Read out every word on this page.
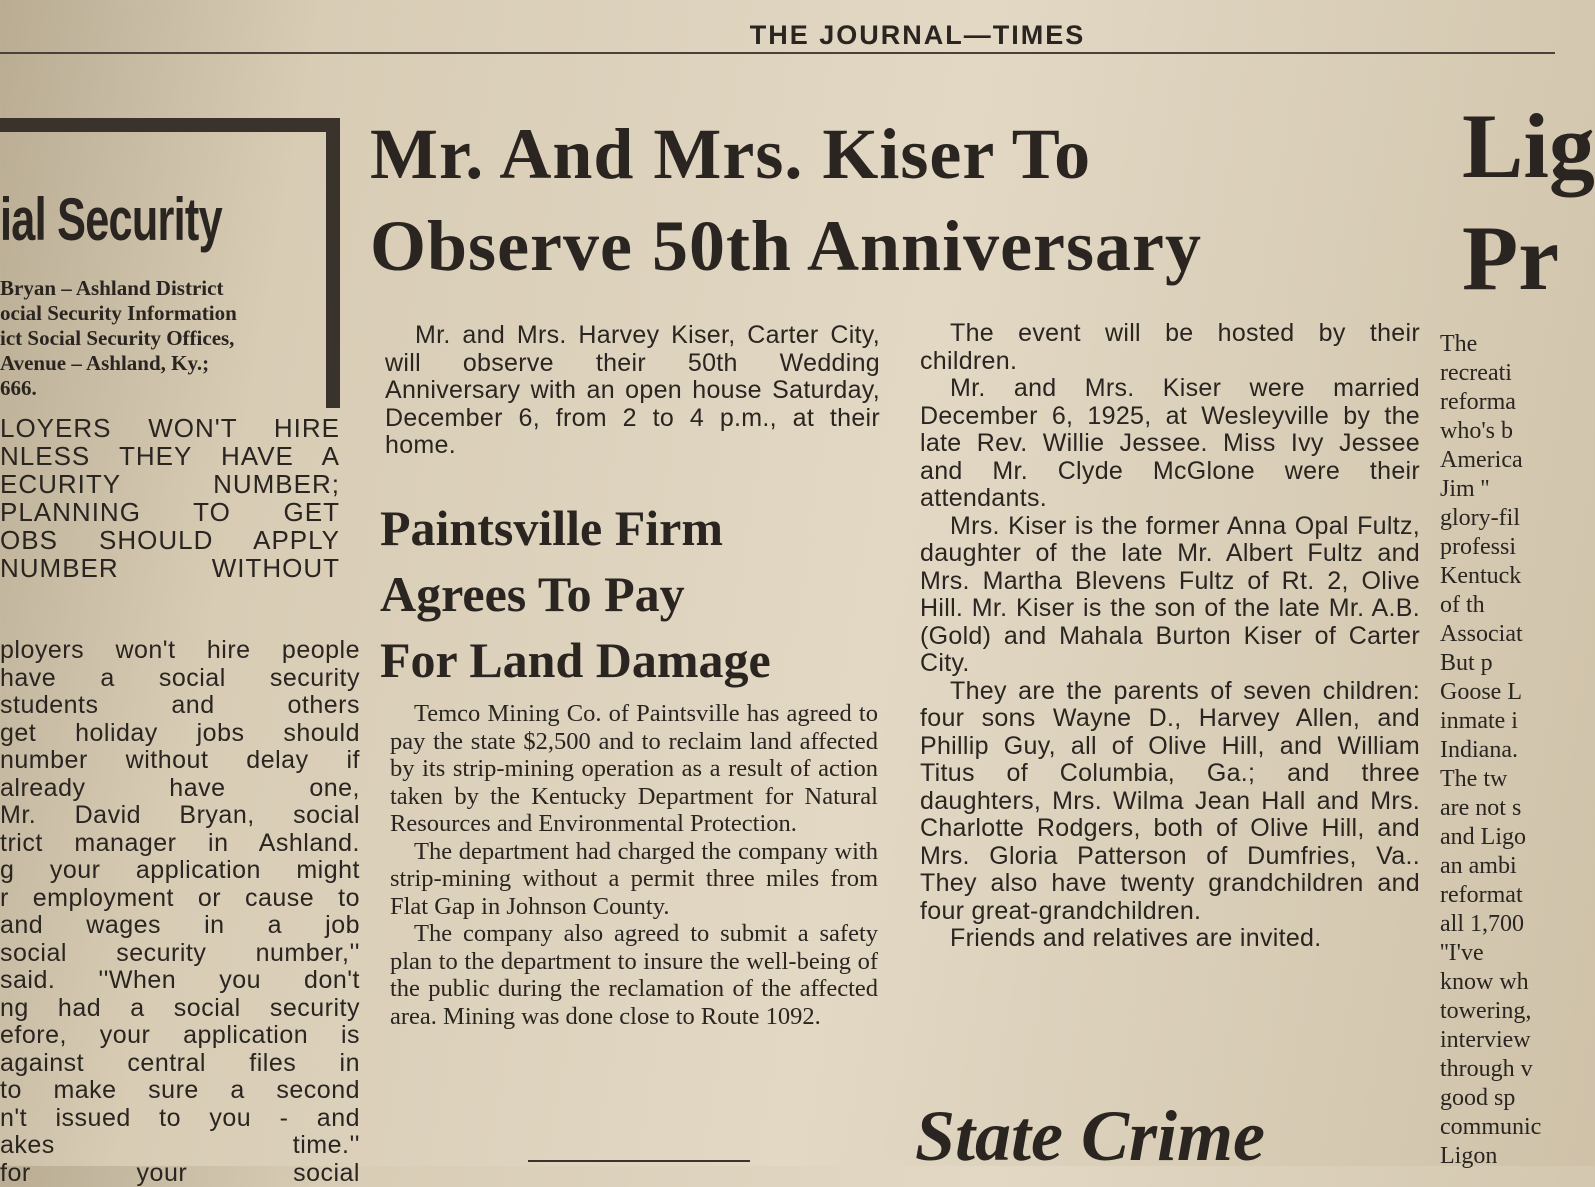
THE JOURNAL—TIMES
ial Security
Bryan – Ashland District
ocial Security Information
ict Social Security Offices,
Avenue – Ashland, Ky.;
666.
LOYERS WON'T HIRE
NLESS THEY HAVE A
ECURITY NUMBER;
PLANNING TO GET
OBS SHOULD APPLY
NUMBER WITHOUT
ployers won't hire people
have a social security
students and others
get holiday jobs should
number without delay if
already have one,
Mr. David Bryan, social
trict manager in Ashland.
g your application might
r employment or cause to
and wages in a job
social security number,''
said. ''When you don't
ng had a social security
efore, your application is
against central files in
to make sure a second
n't issued to you - and
akes time.''
for your social
Mr. And Mrs. Kiser To
Observe 50th Anniversary

Mr. and Mrs. Harvey Kiser, Carter City, will observe their 50th Wedding Anniversary with an open house Saturday, December 6, from 2 to 4 p.m., at their home.

The event will be hosted by their children.

Mr. and Mrs. Kiser were married December 6, 1925, at Wesleyville by the late Rev. Willie Jessee. Miss Ivy Jessee and Mr. Clyde McGlone were their attendants.

Mrs. Kiser is the former Anna Opal Fultz, daughter of the late Mr. Albert Fultz and Mrs. Martha Blevens Fultz of Rt. 2, Olive Hill. Mr. Kiser is the son of the late Mr. A.B. (Gold) and Mahala Burton Kiser of Carter City.

They are the parents of seven children: four sons Wayne D., Harvey Allen, and Phillip Guy, all of Olive Hill, and William Titus of Columbia, Ga.; and three daughters, Mrs. Wilma Jean Hall and Mrs. Charlotte Rodgers, both of Olive Hill, and Mrs. Gloria Patterson of Dumfries, Va.. They also have twenty grandchildren and four great-grandchildren.

Friends and relatives are invited.

Paintsville Firm
Agrees To Pay
For Land Damage

Temco Mining Co. of Paintsville has agreed to pay the state $2,500 and to reclaim land affected by its strip-mining operation as a result of action taken by the Kentucky Department for Natural Resources and Environmental Protection.

The department had charged the company with strip-mining without a permit three miles from Flat Gap in Johnson County.

The company also agreed to submit a safety plan to the department to insure the well-being of the public during the reclamation of the affected area. Mining was done close to Route 1092.

State Crime
Lig
Pr
The
recreati
reforma
who's b
America
Jim ''
glory-fil
professi
Kentuck
of th
Associat
But p
Goose L
inmate i
Indiana.
The tw
are not s
and Ligo
an ambi
reformat
all 1,700
''I've
know wh
towering,
interview
through v
good sp
communic
Ligon
